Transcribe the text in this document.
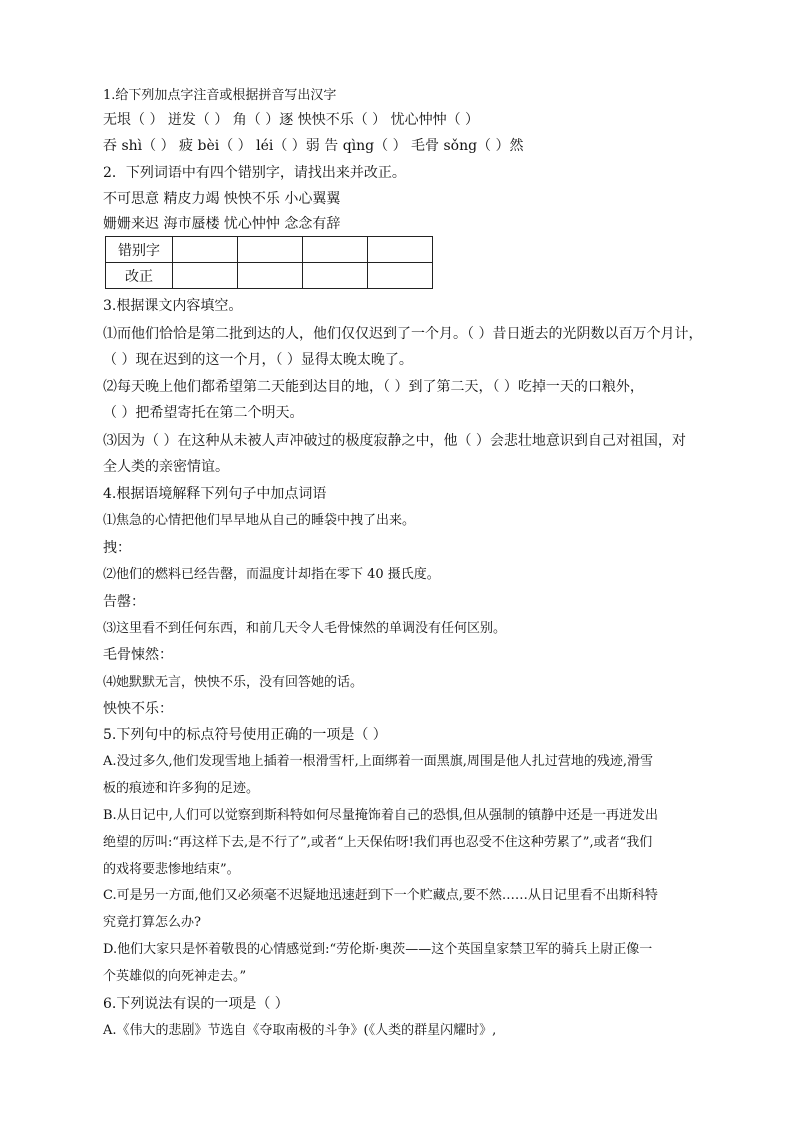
1.给下列加点字注音或根据拼音写出汉字
无垠（ ） 迸发（ ） 角（ ）逐 怏怏不乐（ ） 忧心忡忡（ ）
吞 shì（ ） 疲 bèi（ ） léi（ ）弱 告 qìng（ ） 毛骨 sǒng（ ）然
2．下列词语中有四个错别字，请找出来并改正。
不可思意 精皮力竭 怏怏不乐 小心翼翼
姗姗来迟 海市蜃楼 忧心忡忡 念念有辞
错别字				
改正				
3.根据课文内容填空。
⑴而他们恰恰是第二批到达的人，他们仅仅迟到了一个月。（ ）昔日逝去的光阴数以百万个月计，
（ ）现在迟到的这一个月，（ ）显得太晚太晚了。
⑵每天晚上他们都希望第二天能到达目的地，（ ）到了第二天，（ ）吃掉一天的口粮外，
（ ）把希望寄托在第二个明天。
⑶因为（ ）在这种从未被人声冲破过的极度寂静之中，他（ ）会悲壮地意识到自己对祖国，对
全人类的亲密情谊。
4.根据语境解释下列句子中加点词语
⑴焦急的心情把他们早早地从自己的睡袋中拽了出来。
拽：
⑵他们的燃料已经告罄，而温度计却指在零下 40 摄氏度。
告罄：
⑶这里看不到任何东西，和前几天令人毛骨悚然的单调没有任何区别。
毛骨悚然：
⑷她默默无言，怏怏不乐，没有回答她的话。
怏怏不乐：
5.下列句中的标点符号使用正确的一项是（ ）
A.没过多久,他们发现雪地上插着一根滑雪杆,上面绑着一面黑旗,周围是他人扎过营地的残迹,滑雪
板的痕迹和许多狗的足迹。
B.从日记中,人们可以觉察到斯科特如何尽量掩饰着自己的恐惧,但从强制的镇静中还是一再迸发出
绝望的厉叫:“再这样下去,是不行了”,或者“上天保佑呀!我们再也忍受不住这种劳累了”,或者“我们
的戏将要悲惨地结束”。
C.可是另一方面,他们又必须毫不迟疑地迅速赶到下一个贮藏点,要不然……从日记里看不出斯科特
究竟打算怎么办?
D.他们大家只是怀着敬畏的心情感觉到:“劳伦斯·奥茨——这个英国皇家禁卫军的骑兵上尉正像一
个英雄似的向死神走去。”
6.下列说法有误的一项是（ ）
A.《伟大的悲剧》节选自《夺取南极的斗争》(《人类的群星闪耀时》,
